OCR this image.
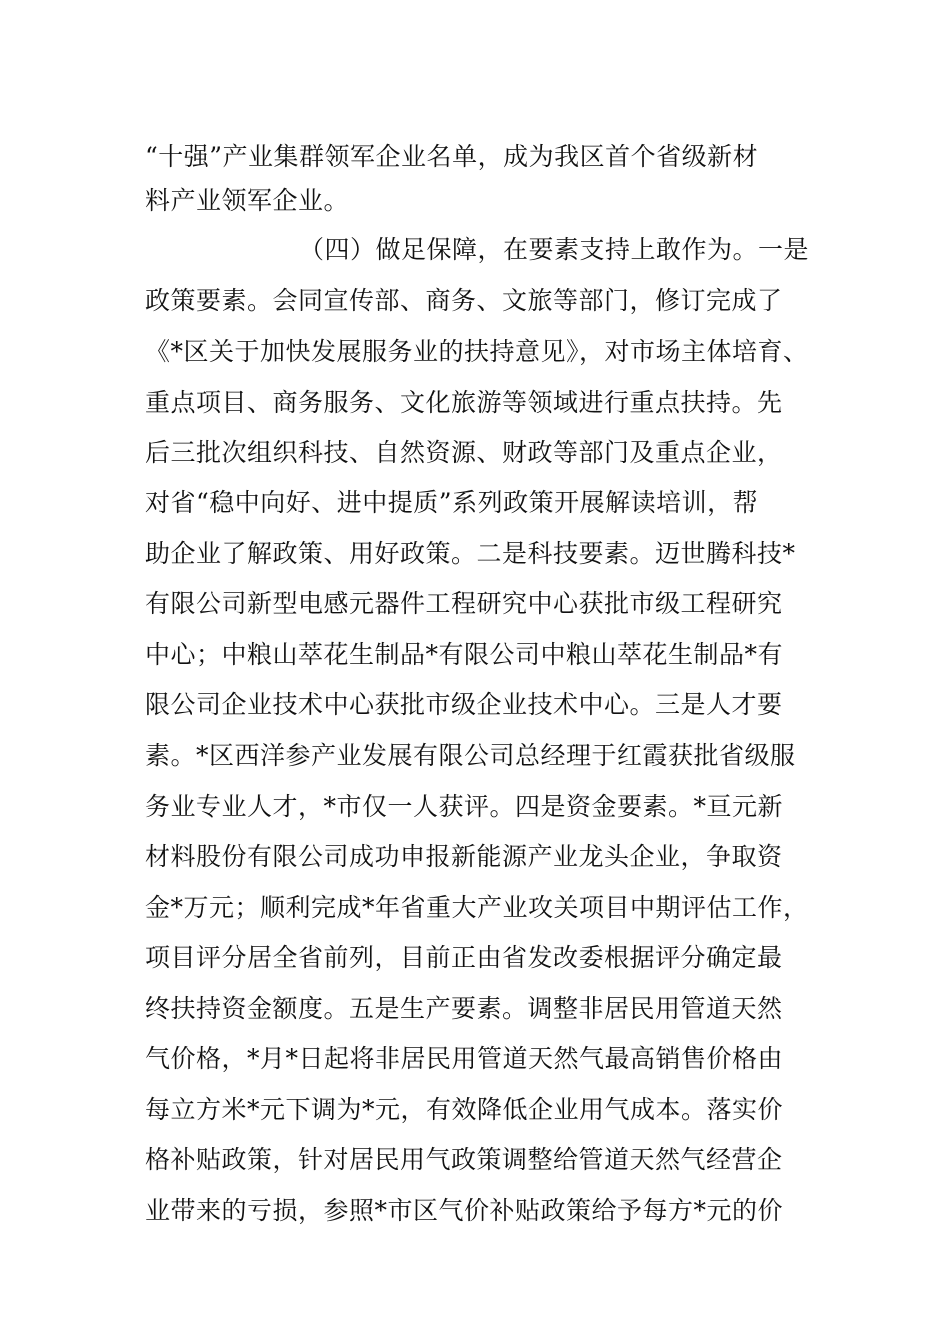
“十强”产业集群领军企业名单，成为我区首个省级新材
料产业领军企业。
（四）做足保障，在要素支持上敢作为。一是
政策要素。会同宣传部、商务、文旅等部门，修订完成了
《*区关于加快发展服务业的扶持意见》，对市场主体培育、
重点项目、商务服务、文化旅游等领域进行重点扶持。先
后三批次组织科技、自然资源、财政等部门及重点企业，
对省“稳中向好、进中提质”系列政策开展解读培训，帮
助企业了解政策、用好政策。二是科技要素。迈世腾科技*
有限公司新型电感元器件工程研究中心获批市级工程研究
中心；中粮山萃花生制品*有限公司中粮山萃花生制品*有
限公司企业技术中心获批市级企业技术中心。三是人才要
素。*区西洋参产业发展有限公司总经理于红霞获批省级服
务业专业人才，*市仅一人获评。四是资金要素。*亘元新
材料股份有限公司成功申报新能源产业龙头企业，争取资
金*万元；顺利完成*年省重大产业攻关项目中期评估工作，
项目评分居全省前列，目前正由省发改委根据评分确定最
终扶持资金额度。五是生产要素。调整非居民用管道天然
气价格，*月*日起将非居民用管道天然气最高销售价格由
每立方米*元下调为*元，有效降低企业用气成本。落实价
格补贴政策，针对居民用气政策调整给管道天然气经营企
业带来的亏损，参照*市区气价补贴政策给予每方*元的价
